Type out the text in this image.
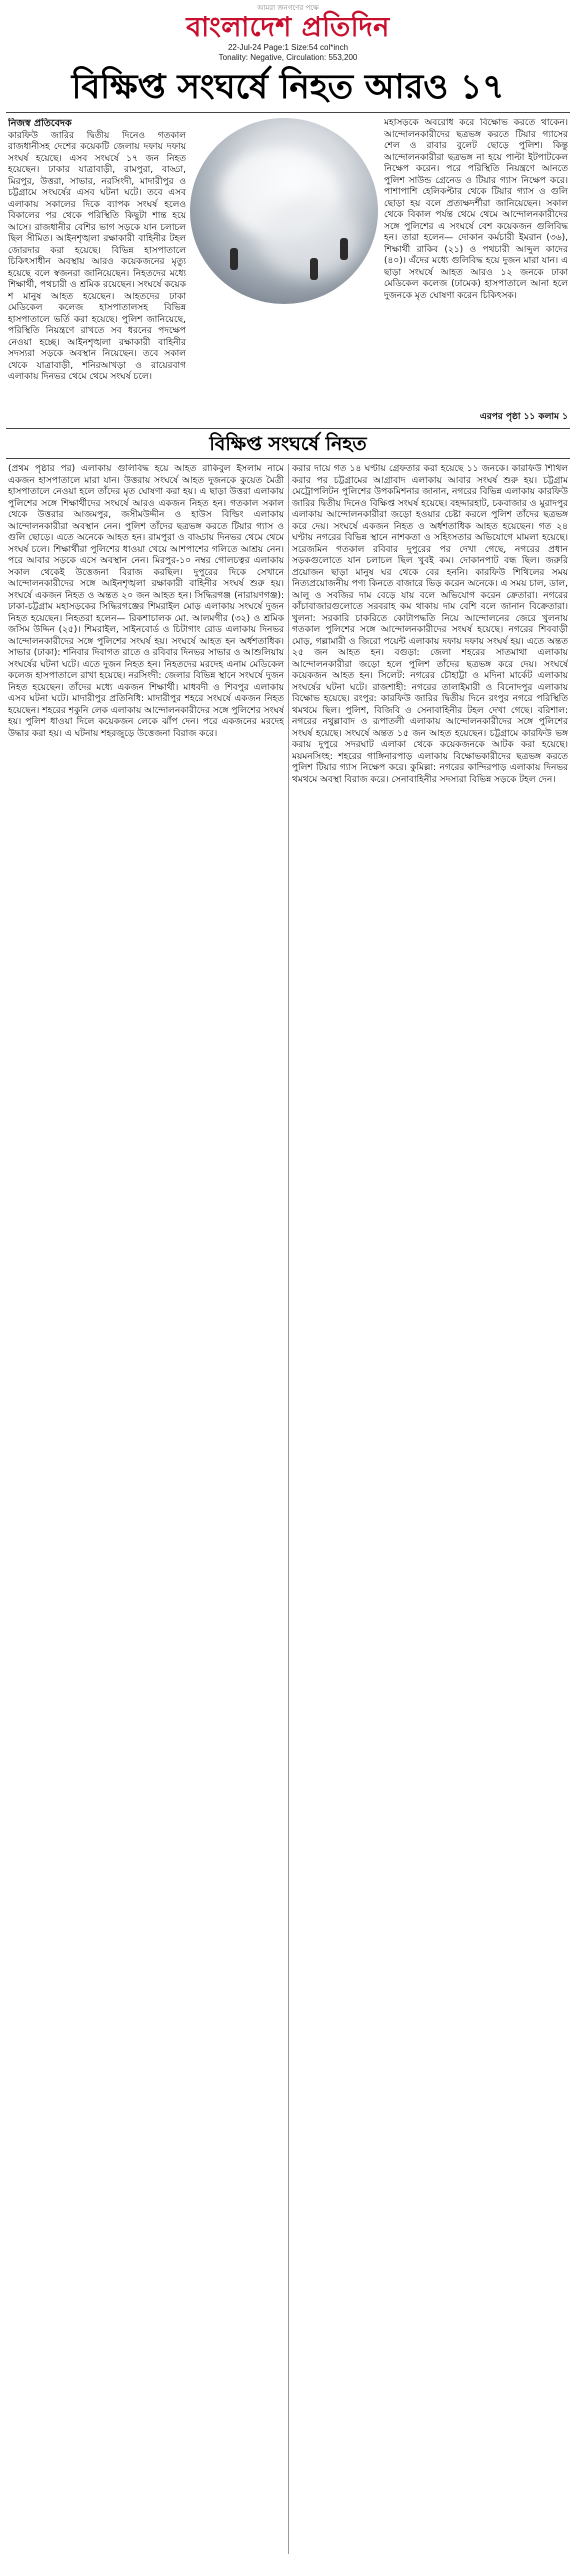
আমরা জনগণের পক্ষে
বাংলাদেশ প্রতিদিন
22-Jul-24 Page:1 Size:54 col*inch
Tonality: Negative, Circulation: 553,200
বিক্ষিপ্ত সংঘর্ষে নিহত আরও ১৭

নিজস্ব প্রতিবেদক

কারফিউ জারির দ্বিতীয় দিনেও গতকাল রাজধানীসহ দেশের কয়েকটি জেলায় দফায় দফায় সংঘর্ষ হয়েছে। এসব সংঘর্ষে ১৭ জন নিহত হয়েছেন। ঢাকার যাত্রাবাড়ী, রামপুরা, বাড্ডা, মিরপুর, উত্তরা, সাভার, নরসিংদী, মাদারীপুর ও চট্টগ্রামে সংঘর্ষের এসব ঘটনা ঘটে। তবে এসব এলাকায় সকালের দিকে ব্যাপক সংঘর্ষ হলেও বিকালের পর থেকে পরিস্থিতি কিছুটা শান্ত হয়ে আসে। রাজধানীর বেশির ভাগ সড়কে যান চলাচল ছিল সীমিত। আইনশৃঙ্খলা রক্ষাকারী বাহিনীর টহল জোরদার করা হয়েছে। বিভিন্ন হাসপাতালে চিকিৎসাধীন অবস্থায় আরও কয়েকজনের মৃত্যু হয়েছে বলে স্বজনরা জানিয়েছেন। নিহতদের মধ্যে শিক্ষার্থী, পথচারী ও শ্রমিক রয়েছেন। সংঘর্ষে কয়েক শ মানুষ আহত হয়েছেন। আহতদের ঢাকা মেডিকেল কলেজ হাসপাতালসহ বিভিন্ন হাসপাতালে ভর্তি করা হয়েছে। পুলিশ জানিয়েছে, পরিস্থিতি নিয়ন্ত্রণে রাখতে সব ধরনের পদক্ষেপ নেওয়া হচ্ছে। আইনশৃঙ্খলা রক্ষাকারী বাহিনীর সদস্যরা সড়কে অবস্থান নিয়েছেন। তবে সকাল থেকে যাত্রাবাড়ী, শনিরআখড়া ও রায়েরবাগ এলাকায় দিনভর থেমে থেমে সংঘর্ষ চলে।

মহাসড়কে অবরোধ করে বিক্ষোভ করতে থাকেন। আন্দোলনকারীদের ছত্রভঙ্গ করতে টিয়ার গ্যাসের শেল ও রাবার বুলেট ছোড়ে পুলিশ। কিন্তু আন্দোলনকারীরা ছত্রভঙ্গ না হয়ে পাল্টা ইটপাটকেল নিক্ষেপ করেন। পরে পরিস্থিতি নিয়ন্ত্রণে আনতে পুলিশ সাউন্ড গ্রেনেড ও টিয়ার গ্যাস নিক্ষেপ করে। পাশাপাশি হেলিকপ্টার থেকে টিয়ার গ্যাস ও গুলি ছোড়া হয় বলে প্রত্যক্ষদর্শীরা জানিয়েছেন। সকাল থেকে বিকাল পর্যন্ত থেমে থেমে আন্দোলনকারীদের সঙ্গে পুলিশের এ সংঘর্ষে বেশ কয়েকজন গুলিবিদ্ধ হন। তারা হলেন— দোকান কর্মচারী ইমরান (৩৬), শিক্ষার্থী রাকিব (২১) ও পথচারী আব্দুল কাদের (৪০)। এঁদের মধ্যে গুলিবিদ্ধ হয়ে দুজন মারা যান। এ ছাড়া সংঘর্ষে আহত আরও ১২ জনকে ঢাকা মেডিকেল কলেজ (ঢামেক) হাসপাতালে আনা হলে দুজনকে মৃত ঘোষণা করেন চিকিৎসক।

এরপর পৃষ্ঠা ১১ কলাম ১
বিক্ষিপ্ত সংঘর্ষে নিহত

(প্রথম পৃষ্ঠার পর) এলাকায় গুলিবিদ্ধ হয়ে আহত রাকিবুল ইসলাম নামে একজন হাসপাতালে মারা যান। উত্তরায় সংঘর্ষে আহত দুজনকে কুয়েত মৈত্রী হাসপাতালে নেওয়া হলে তাঁদের মৃত ঘোষণা করা হয়। এ ছাড়া উত্তরা এলাকায় পুলিশের সঙ্গে শিক্ষার্থীদের সংঘর্ষে আরও একজন নিহত হন। গতকাল সকাল থেকে উত্তরার আজমপুর, জসীমউদ্দীন ও হাউস বিল্ডিং এলাকায় আন্দোলনকারীরা অবস্থান নেন। পুলিশ তাঁদের ছত্রভঙ্গ করতে টিয়ার গ্যাস ও গুলি ছোড়ে। এতে অনেকে আহত হন। রামপুরা ও বাড্ডায় দিনভর থেমে থেমে সংঘর্ষ চলে। শিক্ষার্থীরা পুলিশের ধাওয়া খেয়ে আশপাশের গলিতে আশ্রয় নেন। পরে আবার সড়কে এসে অবস্থান নেন। মিরপুর-১০ নম্বর গোলচত্বর এলাকায় সকাল থেকেই উত্তেজনা বিরাজ করছিল। দুপুরের দিকে সেখানে আন্দোলনকারীদের সঙ্গে আইনশৃঙ্খলা রক্ষাকারী বাহিনীর সংঘর্ষ শুরু হয়। সংঘর্ষে একজন নিহত ও অন্তত ২০ জন আহত হন। সিদ্ধিরগঞ্জ (নারায়ণগঞ্জ): ঢাকা-চট্টগ্রাম মহাসড়কের সিদ্ধিরগঞ্জের শিমরাইল মোড় এলাকায় সংঘর্ষে দুজন নিহত হয়েছেন। নিহতরা হলেন— রিকশাচালক মো. আলমগীর (৩২) ও শ্রমিক জসিম উদ্দিন (২৫)। শিমরাইল, সাইনবোর্ড ও চিটাগাং রোড এলাকায় দিনভর আন্দোলনকারীদের সঙ্গে পুলিশের সংঘর্ষ হয়। সংঘর্ষে আহত হন অর্ধশতাধিক। সাভার (ঢাকা): শনিবার দিবাগত রাতে ও রবিবার দিনভর সাভার ও আশুলিয়ায় সংঘর্ষের ঘটনা ঘটে। এতে দুজন নিহত হন। নিহতদের মরদেহ এনাম মেডিকেল কলেজ হাসপাতালে রাখা হয়েছে। নরসিংদী: জেলার বিভিন্ন স্থানে সংঘর্ষে দুজন নিহত হয়েছেন। তাঁদের মধ্যে একজন শিক্ষার্থী। মাধবদী ও শিবপুর এলাকায় এসব ঘটনা ঘটে। মাদারীপুর প্রতিনিধি: মাদারীপুর শহরে সংঘর্ষে একজন নিহত হয়েছেন। শহরের শকুনি লেক এলাকায় আন্দোলনকারীদের সঙ্গে পুলিশের সংঘর্ষ হয়। পুলিশ ধাওয়া দিলে কয়েকজন লেকে ঝাঁপ দেন। পরে একজনের মরদেহ উদ্ধার করা হয়। এ ঘটনায় শহরজুড়ে উত্তেজনা বিরাজ করে।

করার দায়ে গত ১৪ ঘণ্টায় গ্রেফতার করা হয়েছে ১১ জনকে। কারফিউ শিথিল করার পর চট্টগ্রামের আগ্রাবাদ এলাকায় আবার সংঘর্ষ শুরু হয়। চট্টগ্রাম মেট্রোপলিটন পুলিশের উপকমিশনার জানান, নগরের বিভিন্ন এলাকায় কারফিউ জারির দ্বিতীয় দিনেও বিক্ষিপ্ত সংঘর্ষ হয়েছে। বহদ্দারহাট, চকবাজার ও মুরাদপুর এলাকায় আন্দোলনকারীরা জড়ো হওয়ার চেষ্টা করলে পুলিশ তাঁদের ছত্রভঙ্গ করে দেয়। সংঘর্ষে একজন নিহত ও অর্ধশতাধিক আহত হয়েছেন। গত ২৪ ঘণ্টায় নগরের বিভিন্ন স্থানে নাশকতা ও সহিংসতার অভিযোগে মামলা হয়েছে। সরেজমিন গতকাল রবিবার দুপুরের পর দেখা গেছে, নগরের প্রধান সড়কগুলোতে যান চলাচল ছিল খুবই কম। দোকানপাট বন্ধ ছিল। জরুরি প্রয়োজন ছাড়া মানুষ ঘর থেকে বের হননি। কারফিউ শিথিলের সময় নিত্যপ্রয়োজনীয় পণ্য কিনতে বাজারে ভিড় করেন অনেকে। এ সময় চাল, ডাল, আলু ও সবজির দাম বেড়ে যায় বলে অভিযোগ করেন ক্রেতারা। নগরের কাঁচাবাজারগুলোতে সরবরাহ কম থাকায় দাম বেশি বলে জানান বিক্রেতারা। খুলনা: সরকারি চাকরিতে কোটাপদ্ধতি নিয়ে আন্দোলনের জেরে খুলনায় গতকাল পুলিশের সঙ্গে আন্দোলনকারীদের সংঘর্ষ হয়েছে। নগরের শিববাড়ী মোড়, গল্লামারী ও জিরো পয়েন্ট এলাকায় দফায় দফায় সংঘর্ষ হয়। এতে অন্তত ২৫ জন আহত হন। বগুড়া: জেলা শহরের সাতমাথা এলাকায় আন্দোলনকারীরা জড়ো হলে পুলিশ তাঁদের ছত্রভঙ্গ করে দেয়। সংঘর্ষে কয়েকজন আহত হন। সিলেট: নগরের চৌহাট্টা ও মদিনা মার্কেট এলাকায় সংঘর্ষের ঘটনা ঘটে। রাজশাহী: নগরের তালাইমারী ও বিনোদপুর এলাকায় বিক্ষোভ হয়েছে। রংপুর: কারফিউ জারির দ্বিতীয় দিনে রংপুর নগরে পরিস্থিতি থমথমে ছিল। পুলিশ, বিজিবি ও সেনাবাহিনীর টহল দেখা গেছে। বরিশাল: নগরের নথুল্লাবাদ ও রূপাতলী এলাকায় আন্দোলনকারীদের সঙ্গে পুলিশের সংঘর্ষ হয়েছে। সংঘর্ষে অন্তত ১৫ জন আহত হয়েছেন। চট্টগ্রামে কারফিউ ভঙ্গ করায় দুপুরে সদরঘাট এলাকা থেকে কয়েকজনকে আটক করা হয়েছে। ময়মনসিংহ: শহরের গাঙ্গিনারপাড় এলাকায় বিক্ষোভকারীদের ছত্রভঙ্গ করতে পুলিশ টিয়ার গ্যাস নিক্ষেপ করে। কুমিল্লা: নগরের কান্দিরপাড় এলাকায় দিনভর থমথমে অবস্থা বিরাজ করে। সেনাবাহিনীর সদস্যরা বিভিন্ন সড়কে টহল দেন।
